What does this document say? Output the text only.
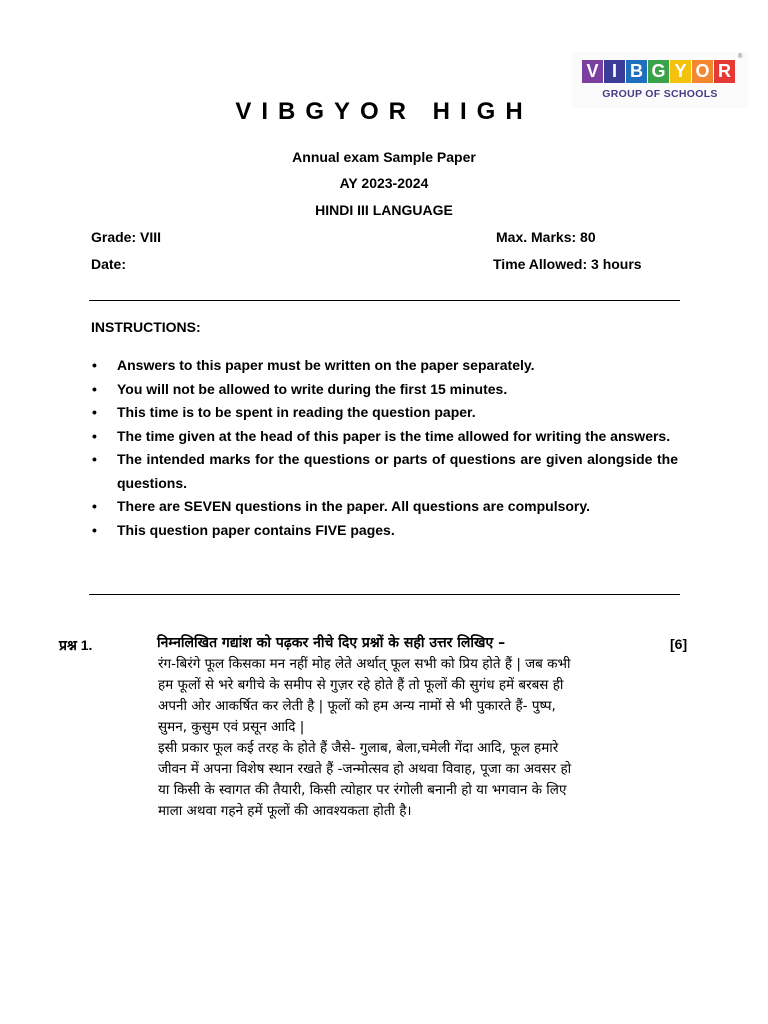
V I B G Y O R
®
GROUP OF SCHOOLS
VIBGYOR HIGH
Annual exam Sample Paper
AY 2023-2024
HINDI III LANGUAGE
Grade: VIII	Max. Marks: 80
Date:	Time Allowed: 3 hours
INSTRUCTIONS:
• Answers to this paper must be written on the paper separately.
• You will not be allowed to write during the first 15 minutes.
• This time is to be spent in reading the question paper.
• The time given at the head of this paper is the time allowed for writing the answers.
• The intended marks for the questions or parts of questions are given alongside the questions.
• There are SEVEN questions in the paper. All questions are compulsory.
• This question paper contains FIVE pages.
प्रश्न 1.	निम्नलिखित गद्यांश को पढ़कर नीचे दिए प्रश्नों के सही उत्तर लिखिए –	[6]
रंग-बिरंगे फूल किसका मन नहीं मोह लेते अर्थात् फूल सभी को प्रिय होते हैं | जब कभी
हम फूलों से भरे बगीचे के समीप से गुज़र रहे होते हैं तो फूलों की सुगंध हमें बरबस ही
अपनी ओर आकर्षित कर लेती है | फूलों को हम अन्य नामों से भी पुकारते हैं- पुष्प,
सुमन, कुसुम एवं प्रसून आदि |
इसी प्रकार फूल कई तरह के होते हैं जैसे- गुलाब, बेला,चमेली गेंदा आदि, फूल हमारे
जीवन में अपना विशेष स्थान रखते हैं -जन्मोत्सव हो अथवा विवाह, पूजा का अवसर हो
या किसी के स्वागत की तैयारी, किसी त्योहार पर रंगोली बनानी हो या भगवान के लिए
माला अथवा गहने हमें फूलों की आवश्यकता होती है।
